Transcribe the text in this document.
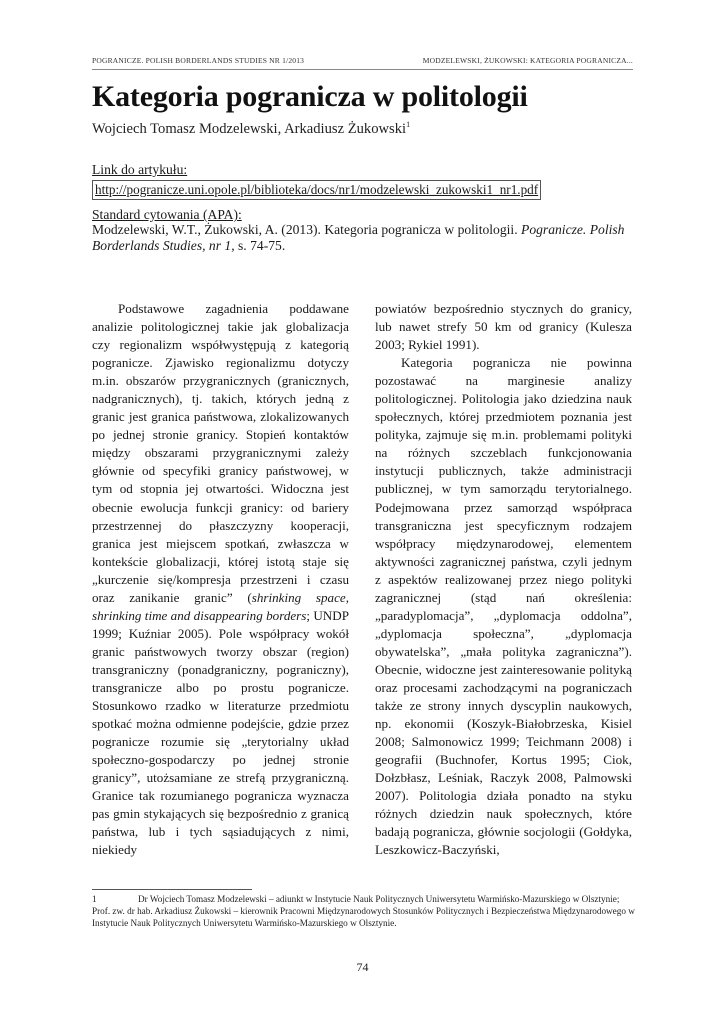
POGRANICZE. POLISH BORDERLANDS STUDIES NR 1/2013	MODZELEWSKI, ŻUKOWSKI: KATEGORIA POGRANICZA...
Kategoria pogranicza w politologii
Wojciech Tomasz Modzelewski, Arkadiusz Żukowski$^1$
Link do artykułu:
http://pogranicze.uni.opole.pl/biblioteka/docs/nr1/modzelewski_zukowski1_nr1.pdf
Standard cytowania (APA):
Modzelewski, W.T., Żukowski, A. (2013). Kategoria pogranicza w politologii. Pogranicze. Polish Borderlands Studies, nr 1, s. 74-75.

Podstawowe zagadnienia poddawane analizie politologicznej takie jak globalizacja czy regionalizm współwystępują z kategorią pogranicze. Zjawisko regionalizmu dotyczy m.in. obszarów przygranicznych (granicznych, nadgranicznych), tj. takich, których jedną z granic jest granica państwowa, zlokalizowanych po jednej stronie granicy. Stopień kontaktów między obszarami przygranicznymi zależy głównie od specyfiki granicy państwowej, w tym od stopnia jej otwartości. Widoczna jest obecnie ewolucja funkcji granicy: od bariery przestrzennej do płaszczyzny kooperacji, granica jest miejscem spotkań, zwłaszcza w kontekście globalizacji, której istotą staje się „kurczenie się/kompresja przestrzeni i czasu oraz zanikanie granic” (shrinking space, shrinking time and disappearing borders; UNDP 1999; Kuźniar 2005). Pole współpracy wokół granic państwowych tworzy obszar (region) transgraniczny (ponadgraniczny, pograniczny), transgranicze albo po prostu pogranicze. Stosunkowo rzadko w literaturze przedmiotu spotkać można odmienne podejście, gdzie przez pogranicze rozumie się „terytorialny układ społeczno-gospodarczy po jednej stronie granicy”, utożsamiane ze strefą przygraniczną. Granice tak rozumianego pogranicza wyznacza pas gmin stykających się bezpośrednio z granicą państwa, lub i tych sąsiadujących z nimi, niekiedy

powiatów bezpośrednio stycznych do granicy, lub nawet strefy 50 km od granicy (Kulesza 2003; Rykiel 1991).

Kategoria pogranicza nie powinna pozostawać na marginesie analizy politologicznej. Politologia jako dziedzina nauk społecznych, której przedmiotem poznania jest polityka, zajmuje się m.in. problemami polityki na różnych szczeblach funkcjonowania instytucji publicznych, także administracji publicznej, w tym samorządu terytorialnego. Podejmowana przez samorząd współpraca transgraniczna jest specyficznym rodzajem współpracy międzynarodowej, elementem aktywności zagranicznej państwa, czyli jednym z aspektów realizowanej przez niego polityki zagranicznej (stąd nań określenia: „paradyplomacja”, „dyplomacja oddolna”, „dyplomacja społeczna”, „dyplomacja obywatelska”, „mała polityka zagraniczna”). Obecnie, widoczne jest zainteresowanie polityką oraz procesami zachodzącymi na pograniczach także ze strony innych dyscyplin naukowych, np. ekonomii (Koszyk-Białobrzeska, Kisiel 2008; Salmonowicz 1999; Teichmann 2008) i geografii (Buchnofer, Kortus 1995; Ciok, Dołzbłasz, Leśniak, Raczyk 2008, Palmowski 2007). Politologia działa ponadto na styku różnych dziedzin nauk społecznych, które badają pogranicza, głównie socjologii (Gołdyka, Leszkowicz-Baczyński,

1	Dr Wojciech Tomasz Modzelewski – adiunkt w Instytucie Nauk Politycznych Uniwersytetu Warmińsko-Mazurskiego w Olsztynie; Prof. zw. dr hab. Arkadiusz Żukowski – kierownik Pracowni Międzynarodowych Stosunków Politycznych i Bezpieczeństwa Międzynarodowego w Instytucie Nauk Politycznych Uniwersytetu Warmińsko-Mazurskiego w Olsztynie.
74
